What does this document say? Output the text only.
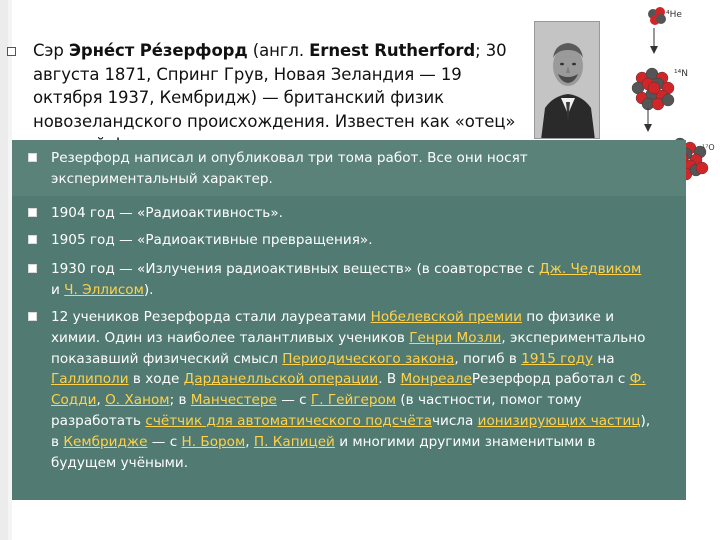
Сэр Эрне́ст Ре́зерфорд (англ. Ernest Rutherford; 30 августа 1871, Спринг Грув, Новая Зеландия — 19 октября 1937, Кембридж) — британский физик новозеландского происхождения. Известен как «отец»
⁴He
¹⁴N
¹⁷O
Резерфорд написал и опубликовал три тома работ. Все они носят экспериментальный характер.
1904 год — «Радиоактивность».
1905 год — «Радиоактивные превращения».
1930 год — «Излучения радиоактивных веществ» (в соавторстве с Дж. Чедвиком и Ч. Эллисом).
12 учеников Резерфорда стали лауреатами Нобелевской премии по физике и химии. Один из наиболее талантливых учеников Генри Мозли, экспериментально показавший физический смысл Периодического закона, погиб в 1915 году на Галлиполи в ходе Дарданелльской операции. В МонреалеРезерфорд работал с Ф. Содди, О. Ханом; в Манчестере — с Г. Гейгером (в частности, помог тому разработать счётчик для автоматического подсчётачисла ионизирующих частиц), в Кембридже — с Н. Бором, П. Капицей и многими другими знаменитыми в будущем учёными.
